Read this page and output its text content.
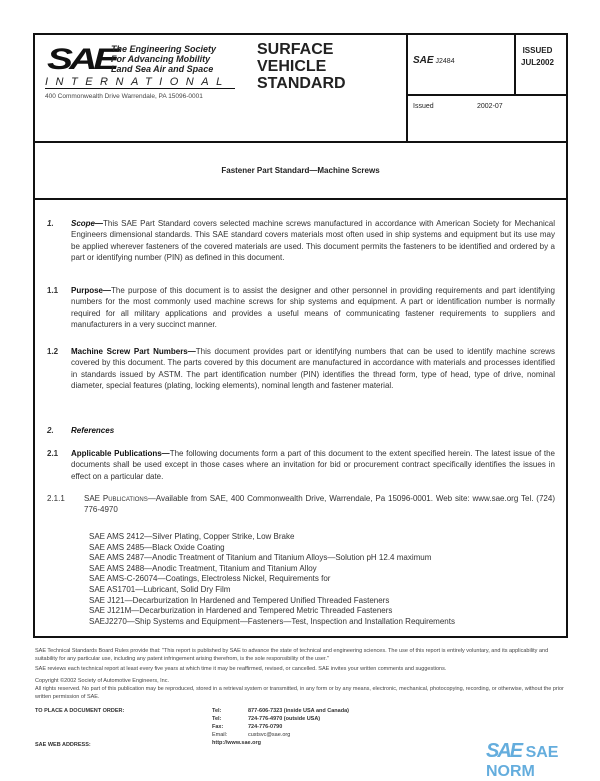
SAE
The Engineering Society
For Advancing Mobility
Land Sea Air and Space
INTERNATIONAL
400 Commonwealth Drive Warrendale, PA 15096-0001
SURFACE
VEHICLE
STANDARD
SAE J2484
ISSUED
JUL2002
Issued	2002-07
Fastener Part Standard—Machine Screws
1. Scope—This SAE Part Standard covers selected machine screws manufactured in accordance with American Society for Mechanical Engineers dimensional standards. This SAE standard covers materials most often used in ship systems and equipment but its use may be applied wherever fasteners of the covered materials are used. This document permits the fasteners to be identified and ordered by a part or identifying number (PIN) as defined in this document.
1.1 Purpose—The purpose of this document is to assist the designer and other personnel in providing requirements and part identifying numbers for the most commonly used machine screws for ship systems and equipment. A part or identification number is normally required for all military applications and provides a useful means of communicating fastener requirements to suppliers and manufacturers in a very succinct manner.
1.2 Machine Screw Part Numbers—This document provides part or identifying numbers that can be used to identify machine screws covered by this document. The parts covered by this document are manufactured in accordance with materials and processes identified in standards issued by ASTM. The part identification number (PIN) identifies the thread form, type of head, type of drive, nominal diameter, special features (plating, locking elements), nominal length and fastener material.
2. References
2.1 Applicable Publications—The following documents form a part of this document to the extent specified herein. The latest issue of the documents shall be used except in those cases where an invitation for bid or procurement contract specifically identifies the issues in effect on a particular date.
2.1.1 SAE Publications—Available from SAE, 400 Commonwealth Drive, Warrendale, Pa 15096-0001. Web site: www.sae.org Tel. (724) 776-4970
SAE AMS 2412—Silver Plating, Copper Strike, Low Brake
SAE AMS 2485—Black Oxide Coating
SAE AMS 2487—Anodic Treatment of Titanium and Titanium Alloys—Solution pH 12.4 maximum
SAE AMS 2488—Anodic Treatment, Titanium and Titanium Alloy
SAE AMS-C-26074—Coatings, Electroless Nickel, Requirements for
SAE AS1701—Lubricant, Solid Dry Film
SAE J121—Decarburization In Hardened and Tempered Unified Threaded Fasteners
SAE J121M—Decarburization in Hardened and Tempered Metric Threaded Fasteners
SAEJ2270—Ship Systems and Equipment—Fasteners—Test, Inspection and Installation Requirements
SAE Technical Standards Board Rules provide that: "This report is published by SAE to advance the state of technical and engineering sciences. The use of this report is entirely voluntary, and its applicability and suitability for any particular use, including any patent infringement arising therefrom, is the sole responsibility of the user."
SAE reviews each technical report at least every five years at which time it may be reaffirmed, revised, or cancelled. SAE invites your written comments and suggestions.
Copyright ©2002 Society of Automotive Engineers, Inc.
All rights reserved. No part of this publication may be reproduced, stored in a retrieval system or transmitted, in any form or by any means, electronic, mechanical, photocopying, recording, or otherwise, without the prior written permission of SAE.
TO PLACE A DOCUMENT ORDER:
SAE WEB ADDRESS:
Tel:	877-606-7323 (inside USA and Canada)
Tel:	724-776-4970 (outside USA)
Fax:	724-776-0790
Email:	custsvc@sae.org
http://www.sae.org	SAE SAE NORM
